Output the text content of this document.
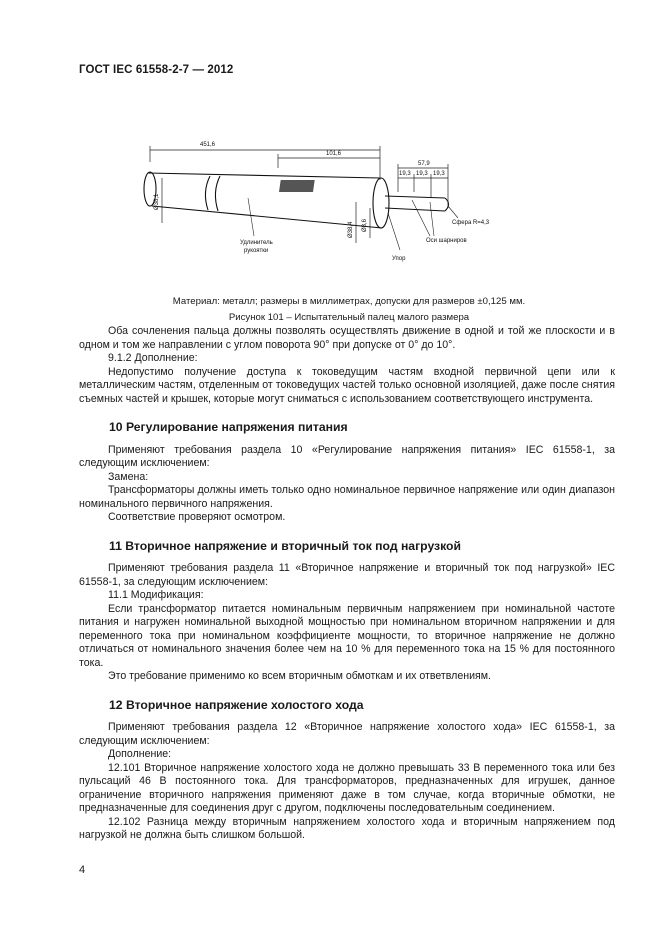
ГОСТ IEC 61558-2-7 — 2012
451,6
101,6
57,9
19,3 19,3 19,3
Ø38,1
Ø38,4 Ø8,6
Удлинитель
рукоятки
Оси шарниров
Упор
Сфера R=4,3
Материал: металл; размеры в миллиметрах, допуски для размеров ±0,125 мм.
Рисунок 101 – Испытательный палец малого размера

Оба сочленения пальца должны позволять осуществлять движение в одной и той же плоскости и в одном и том же направлении с углом поворота 90° при допуске от 0° до 10°.

9.1.2 Дополнение:

Недопустимо получение доступа к токоведущим частям входной первичной цепи или к металлическим частям, отделенным от токоведущих частей только основной изоляцией, даже после снятия съемных частей и крышек, которые могут сниматься с использованием соответствующего инструмента.

10 Регулирование напряжения питания

Применяют требования раздела 10 «Регулирование напряжения питания» IEC 61558-1, за следующим исключением:

Замена:

Трансформаторы должны иметь только одно номинальное первичное напряжение или один диапазон номинального первичного напряжения.

Соответствие проверяют осмотром.

11 Вторичное напряжение и вторичный ток под нагрузкой

Применяют требования раздела 11 «Вторичное напряжение и вторичный ток под нагрузкой» IEC 61558-1, за следующим исключением:

11.1 Модификация:

Если трансформатор питается номинальным первичным напряжением при номинальной частоте питания и нагружен номинальной выходной мощностью при номинальном вторичном напряжении и для переменного тока при номинальном коэффициенте мощности, то вторичное напряжение не должно отличаться от номинального значения более чем на 10 % для переменного тока на 15 % для постоянного тока.

Это требование применимо ко всем вторичным обмоткам и их ответвлениям.

12 Вторичное напряжение холостого хода

Применяют требования раздела 12 «Вторичное напряжение холостого хода» IEC 61558-1, за следующим исключением:

Дополнение:

12.101 Вторичное напряжение холостого хода не должно превышать 33 В переменного тока или без пульсаций 46 В постоянного тока. Для трансформаторов, предназначенных для игрушек, данное ограничение вторичного напряжения применяют даже в том случае, когда вторичные обмотки, не предназначенные для соединения друг с другом, подключены последовательным соединением.

12.102 Разница между вторичным напряжением холостого хода и вторичным напряжением под нагрузкой не должна быть слишком большой.

4
